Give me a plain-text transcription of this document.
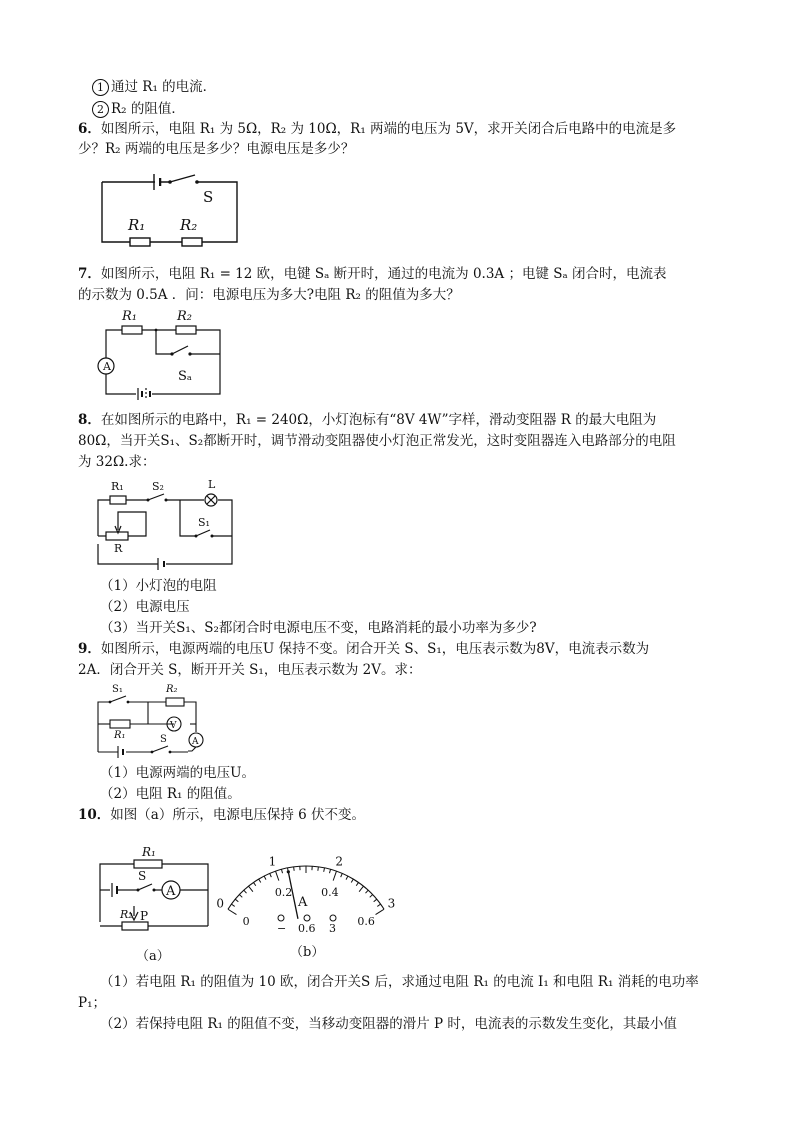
1 通过 R₁ 的电流．
2 R₂ 的阻值．
6．如图所示，电阻 R₁ 为 5Ω，R₂ 为 10Ω，R₁ 两端的电压为 5V，求开关闭合后电路中的电流是多
少？R₂ 两端的电压是多少？电源电压是多少？
S
R₁ R₂
7．如图所示，电阻 R₁ = 12 欧，电键 Sₐ 断开时，通过的电流为 0.3A ；电键 Sₐ 闭合时，电流表
的示数为 0.5A ．问：电源电压为多大?电阻 R₂ 的阻值为多大？
A
R₁	R₂
Sₐ
8．在如图所示的电路中，R₁ = 240Ω，小灯泡标有“8V 4W”字样，滑动变阻器 R 的最大电阻为
80Ω，当开关S₁、S₂都断开时，调节滑动变阻器使小灯泡正常发光，这时变阻器连入电路部分的电阻
为 32Ω.求：
R₁	S₂	L
S₁
R
（1）小灯泡的电阻
（2）电源电压
（3）当开关S₁、S₂都闭合时电源电压不变，电路消耗的最小功率为多少?
9．如图所示，电源两端的电压U 保持不变。闭合开关 S、S₁，电压表示数为8V，电流表示数为
2A．闭合开关 S，断开开关 S₁，电压表示数为 2V。求：
S₁	R₂
V
R₁	S	A
（1）电源两端的电压U。
（2）电阻 R₁ 的阻值。
10．如图（a）所示，电源电压保持 6 伏不变。
R₁
S
A
R₂ P
（a）
0
1	2
3
0
0.2	0.4
0.6
A
− 0.6 3
（b）
（1）若电阻 R₁ 的阻值为 10 欧，闭合开关S 后，求通过电阻 R₁ 的电流 I₁ 和电阻 R₁ 消耗的电功率
P₁；
（2）若保持电阻 R₁ 的阻值不变，当移动变阻器的滑片 P 时，电流表的示数发生变化，其最小值
